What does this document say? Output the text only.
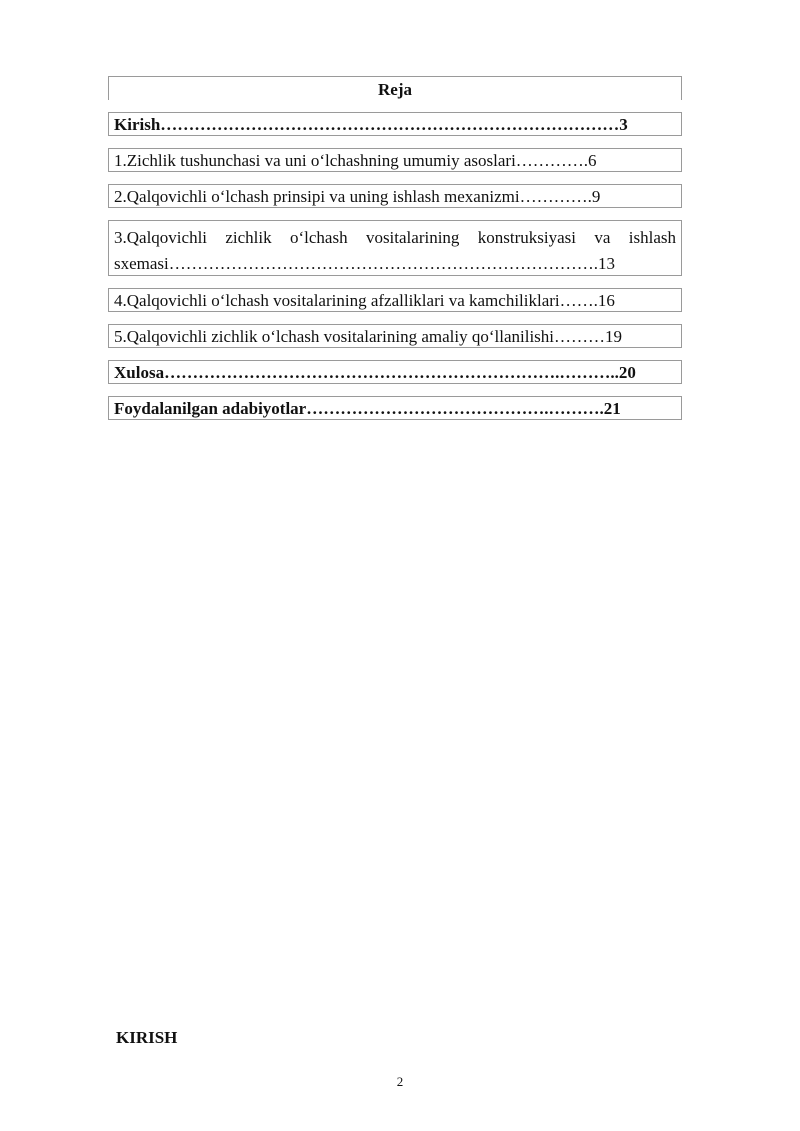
Reja
Kirish………………………………………………………………………3
1.Zichlik tushunchasi va uni o‘lchashning umumiy asoslari………….6
2.Qalqovichli o‘lchash prinsipi va uning ishlash mexanizmi………….9
3.Qalqovichli zichlik o‘lchash vositalarining konstruksiyasi va ishlash sxemasi………………………………………………………………….13
4.Qalqovichli o‘lchash vositalarining afzalliklari va kamchiliklari…….16
5.Qalqovichli zichlik o‘lchash vositalarining amaliy qo‘llanilishi………19
Xulosa…………………………………………………………….………..20
Foydalanilgan adabiyotlar…………………………………….……….21
KIRISH
2
